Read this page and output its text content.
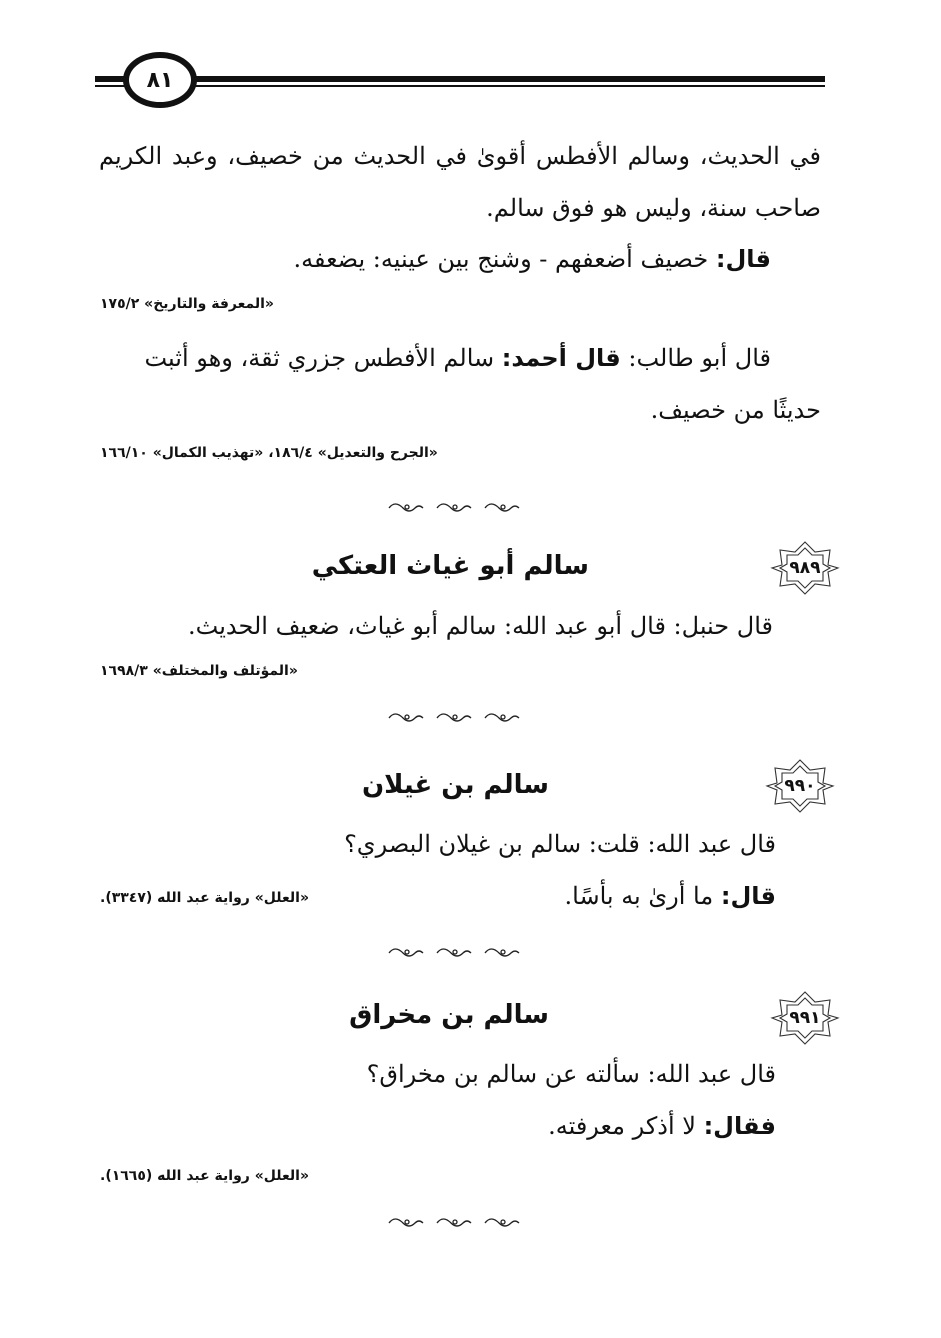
٨١
في الحديث، وسالم الأفطس أقوىٰ في الحديث من خصيف، وعبد الكريم صاحب سنة، وليس هو فوق سالم.
قال: خصيف أضعفهم - وشنج بين عينيه: يضعفه.
«المعرفة والتاريخ» ١٧٥/٢
قال أبو طالب: قال أحمد: سالم الأفطس جزري ثقة، وهو أثبت
حديثًا من خصيف.
«الجرح والتعديل» ١٨٦/٤، «تهذيب الكمال» ١٦٦/١٠
٩٨٩
سالم أبو غياث العتكي
قال حنبل: قال أبو عبد الله: سالم أبو غياث، ضعيف الحديث.
«المؤتلف والمختلف» ١٦٩٨/٣
٩٩٠
سالم بن غيلان
قال عبد الله: قلت: سالم بن غيلان البصري؟
قال: ما أرىٰ به بأسًا.
«العلل» رواية عبد الله (٣٣٤٧).
٩٩١
سالم بن مخراق
قال عبد الله: سألته عن سالم بن مخراق؟
فقال: لا أذكر معرفته.
«العلل» رواية عبد الله (١٦٦٥).
